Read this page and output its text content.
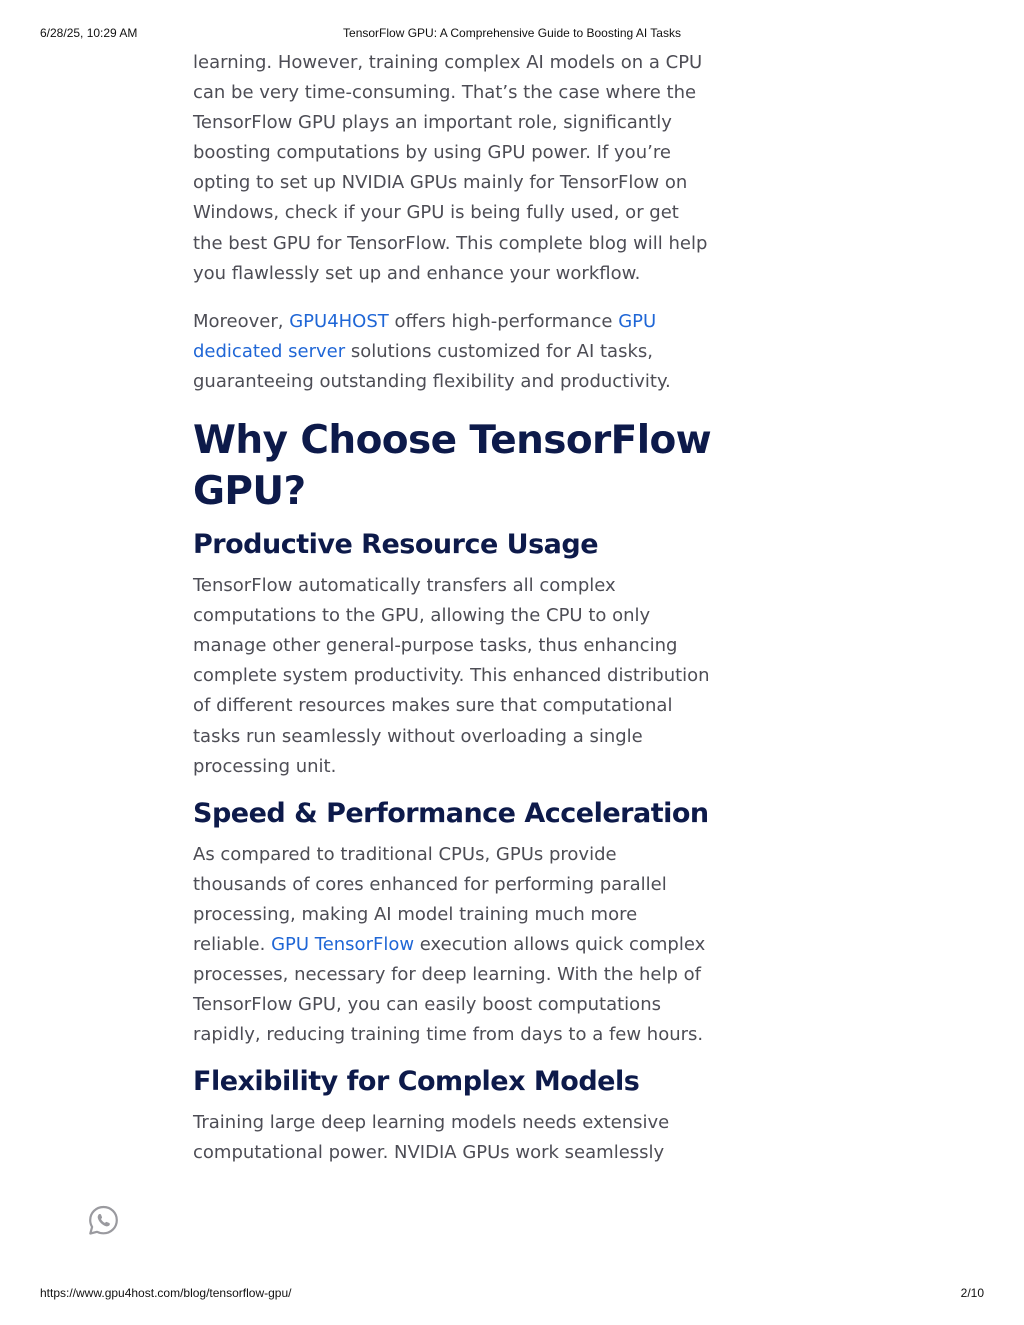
6/28/25, 10:29 AM	TensorFlow GPU: A Comprehensive Guide to Boosting AI Tasks

learning. However, training complex AI models on a CPU can be very time-consuming. That’s the case where the TensorFlow GPU plays an important role, significantly boosting computations by using GPU power. If you’re opting to set up NVIDIA GPUs mainly for TensorFlow on Windows, check if your GPU is being fully used, or get the best GPU for TensorFlow. This complete blog will help you flawlessly set up and enhance your workflow.

Moreover, GPU4HOST offers high-performance GPU dedicated server solutions customized for AI tasks, guaranteeing outstanding flexibility and productivity.

Why Choose TensorFlow GPU?
Productive Resource Usage

TensorFlow automatically transfers all complex computations to the GPU, allowing the CPU to only manage other general-purpose tasks, thus enhancing complete system productivity. This enhanced distribution of different resources makes sure that computational tasks run seamlessly without overloading a single processing unit.

Speed & Performance Acceleration

As compared to traditional CPUs, GPUs provide thousands of cores enhanced for performing parallel processing, making AI model training much more reliable. GPU TensorFlow execution allows quick complex processes, necessary for deep learning. With the help of TensorFlow GPU, you can easily boost computations rapidly, reducing training time from days to a few hours.

Flexibility for Complex Models

Training large deep learning models needs extensive computational power. NVIDIA GPUs work seamlessly

https://www.gpu4host.com/blog/tensorflow-gpu/	2/10
